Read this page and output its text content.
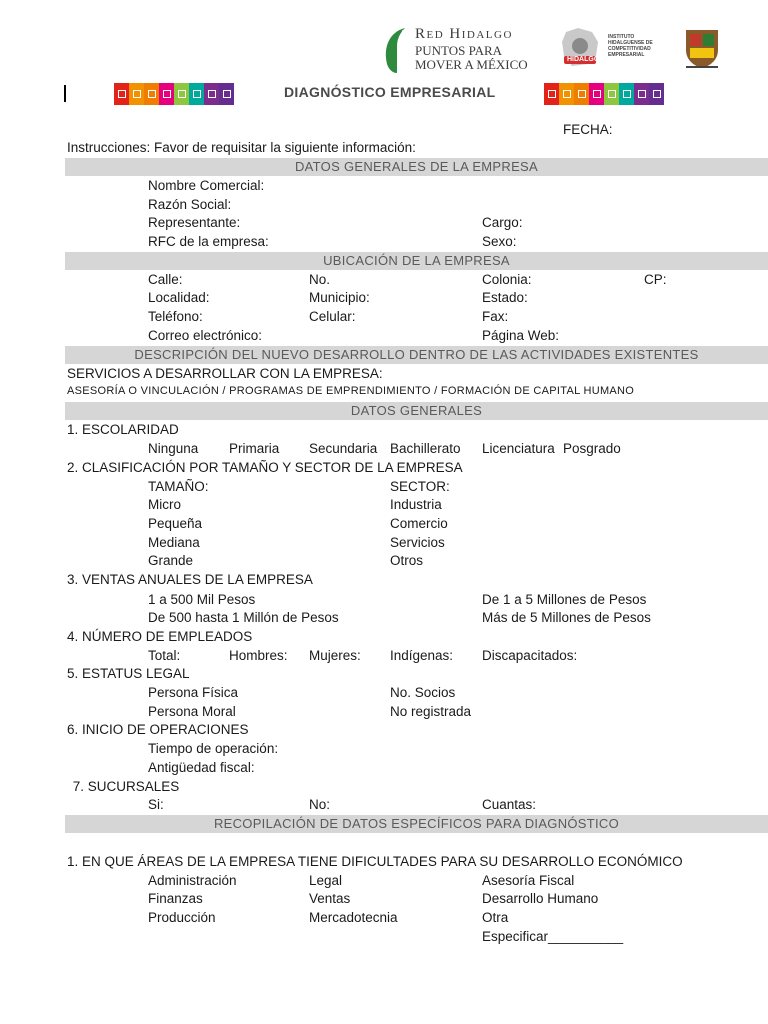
Red Hidalgo
PUNTOS PARA
MOVER A MÉXICO	HIDALGO
INSTITUTO HIDALGUENSE DE COMPETITIVIDAD EMPRESARIAL
DIAGNÓSTICO EMPRESARIAL
FECHA:
Instrucciones: Favor de requisitar la siguiente información:
DATOS GENERALES DE LA EMPRESA
Nombre Comercial:
Razón Social:
Representante:	Cargo:
RFC de la empresa:	Sexo:
UBICACIÓN DE LA EMPRESA
Calle:	No.	Colonia:	CP:
Localidad:	Municipio:	Estado:
Teléfono:	Celular:	Fax:
Correo electrónico:	Página Web:
DESCRIPCIÓN DEL NUEVO DESARROLLO DENTRO DE LAS ACTIVIDADES EXISTENTES
SERVICIOS A DESARROLLAR CON LA EMPRESA:
ASESORÍA O VINCULACIÓN / PROGRAMAS DE EMPRENDIMIENTO / FORMACIÓN DE CAPITAL HUMANO
DATOS GENERALES
1. ESCOLARIDAD
Ninguna Primaria Secundaria Bachillerato Licenciatura Posgrado
2. CLASIFICACIÓN POR TAMAÑO Y SECTOR DE LA EMPRESA
TAMAÑO:	SECTOR:
Micro	Industria
Pequeña	Comercio
Mediana	Servicios
Grande	Otros
3. VENTAS ANUALES DE LA EMPRESA
1 a 500 Mil Pesos	De 1 a 5 Millones de Pesos
De 500 hasta 1 Millón de Pesos	Más de 5 Millones de Pesos
4. NÚMERO DE EMPLEADOS
Total:	Hombres: Mujeres: Indígenas: Discapacitados:
5. ESTATUS LEGAL
Persona Física	No. Socios
Persona Moral	No registrada
6. INICIO DE OPERACIONES
Tiempo de operación:
Antigüedad fiscal:
7. SUCURSALES
Si:	No:	Cuantas:
RECOPILACIÓN DE DATOS ESPECÍFICOS PARA DIAGNÓSTICO
1. EN QUE ÁREAS DE LA EMPRESA TIENE DIFICULTADES PARA SU DESARROLLO ECONÓMICO
Administración	Legal	Asesoría Fiscal
Finanzas	Ventas	Desarrollo Humano
Producción	Mercadotecnia	Otra
Especificar__________
